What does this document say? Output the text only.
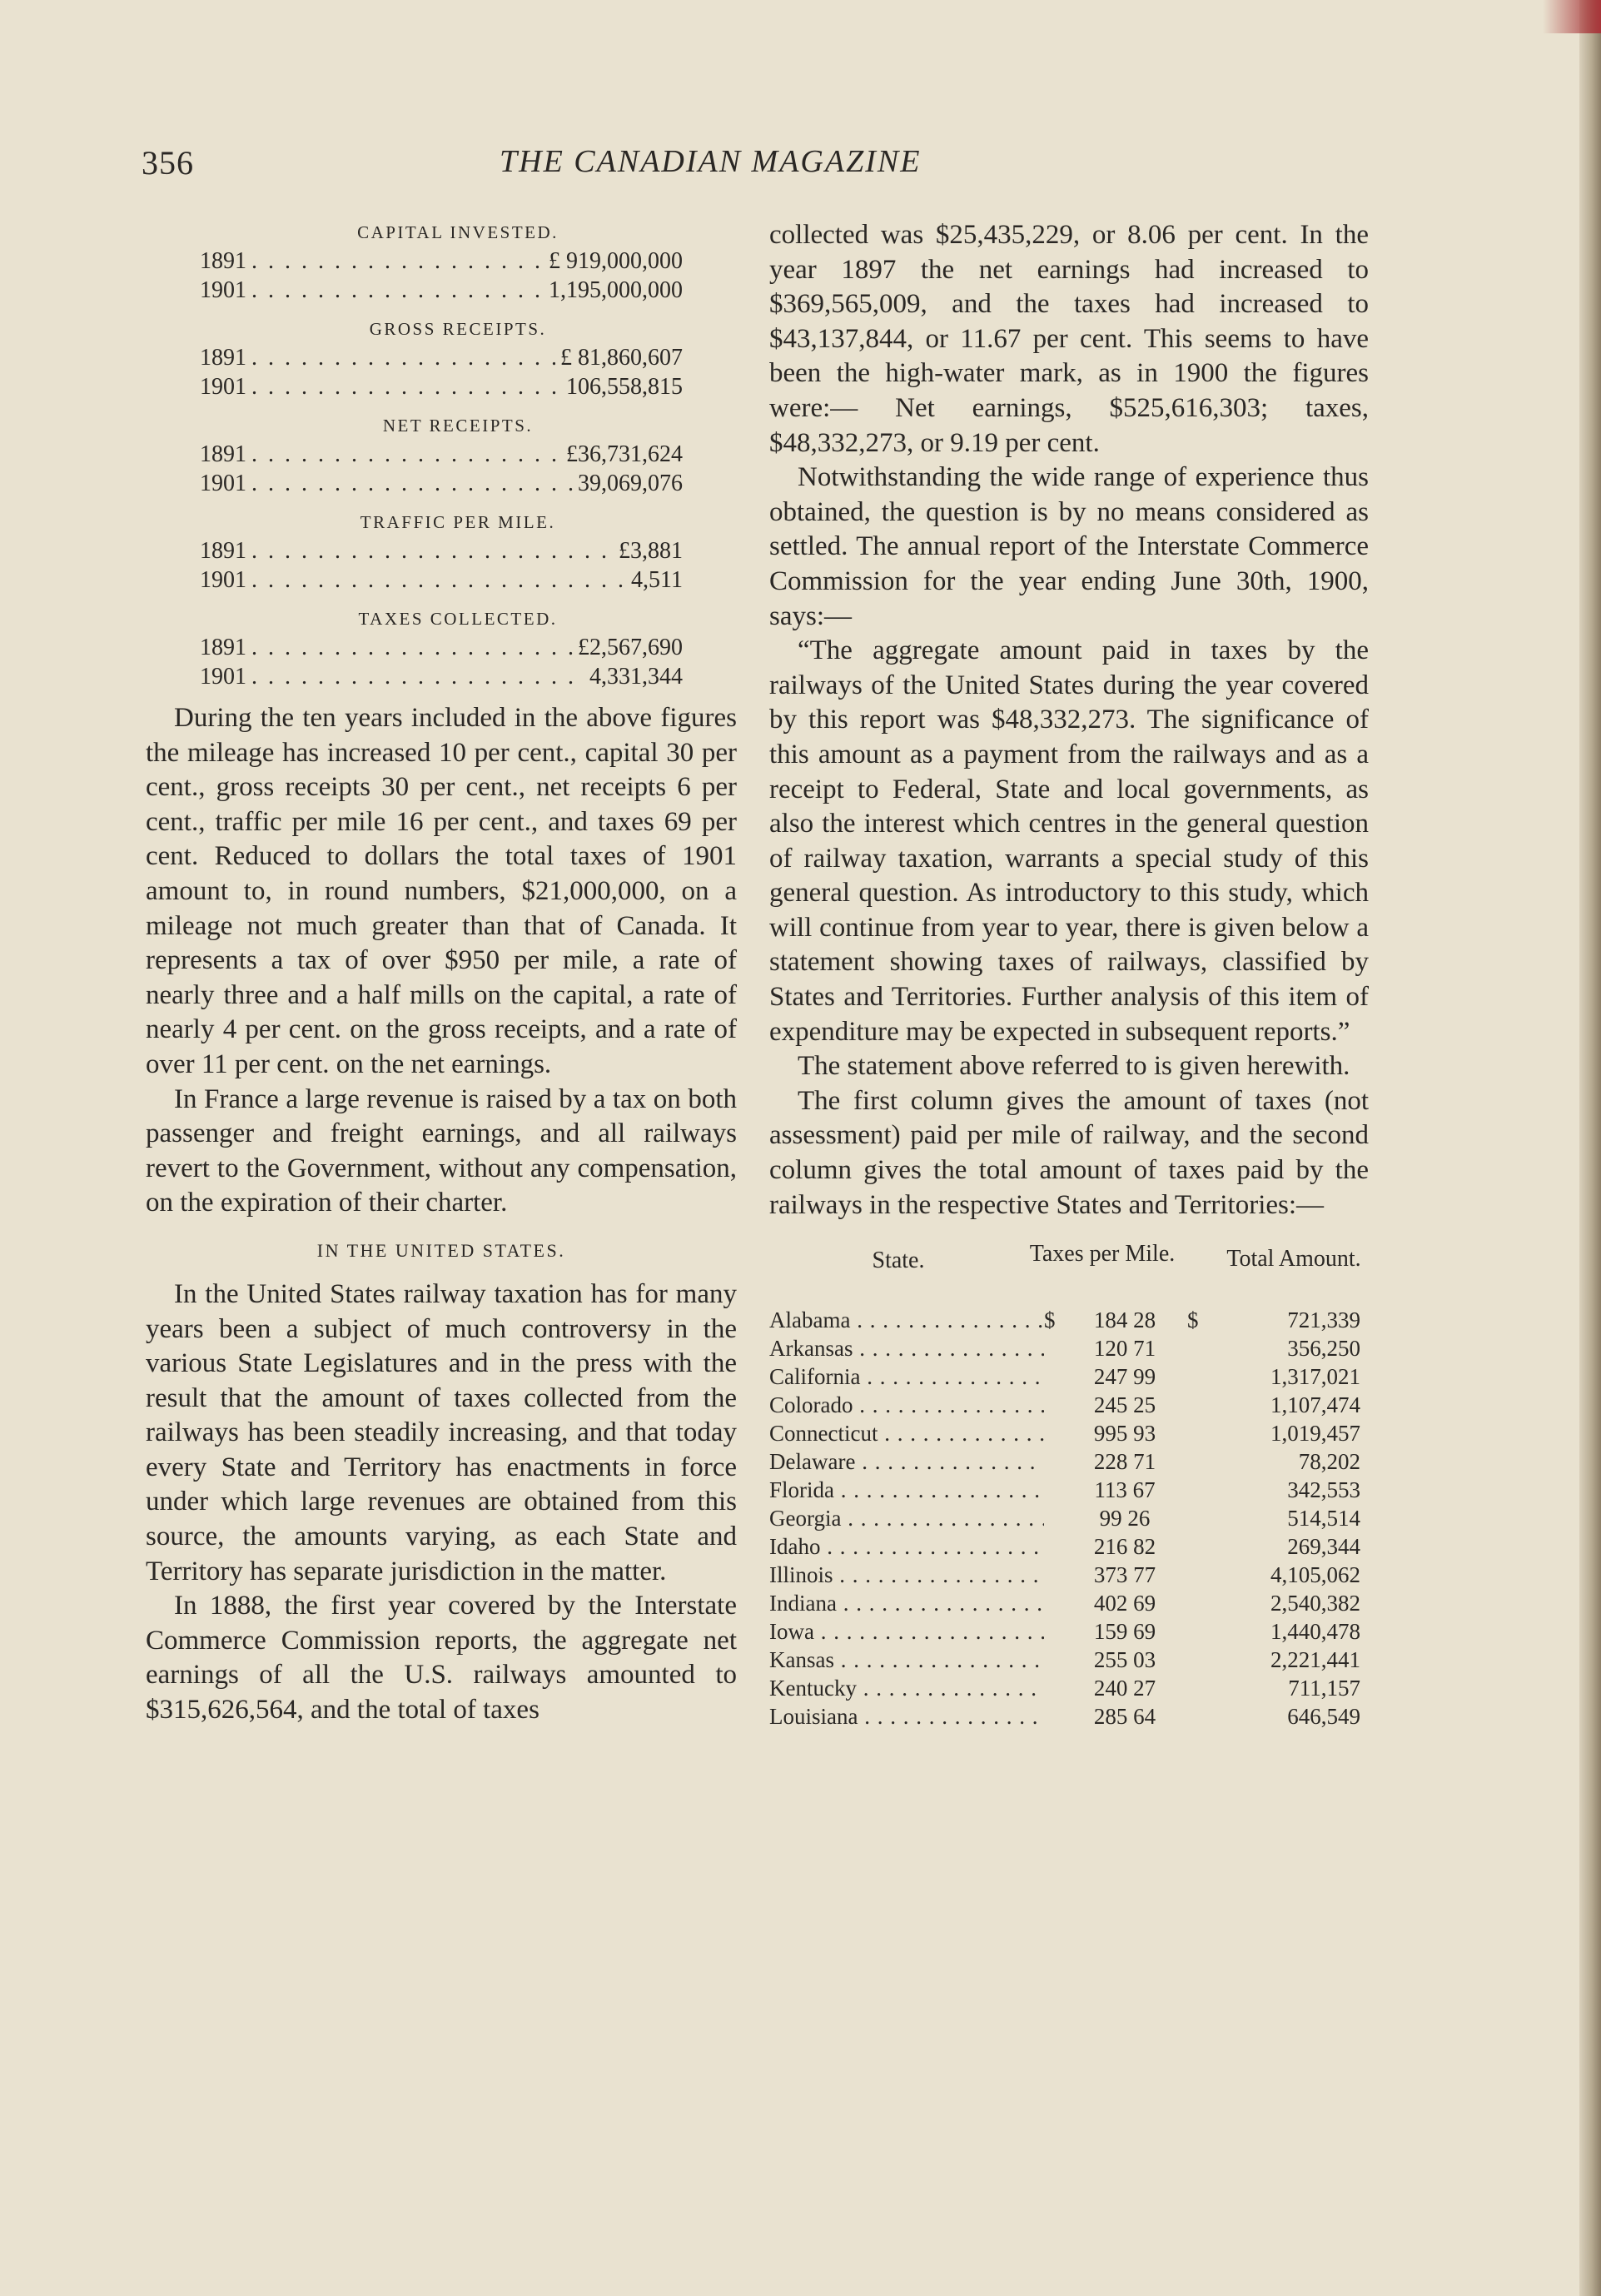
356	THE CANADIAN MAGAZINE
CAPITAL INVESTED.
1891 . . .	£ 919,000,000
1901 . . .	1,195,000,000
GROSS RECEIPTS.
1891 . . .	£ 81,860,607
1901 . . .	106,558,815
NET RECEIPTS.
1891 . . .	£36,731,624
1901 . . .	39,069,076
TRAFFIC PER MILE.
1891 . . .	£3,881
1901 . . .	4,511
TAXES COLLECTED.
1891 . . .	£2,567,690
1901 . . .	4,331,344

During the ten years included in the above figures the mileage has increased 10 per cent., capital 30 per cent., gross receipts 30 per cent., net receipts 6 per cent., traffic per mile 16 per cent., and taxes 69 per cent. Reduced to dollars the total taxes of 1901 amount to, in round numbers, $21,000,000, on a mileage not much greater than that of Canada. It represents a tax of over $950 per mile, a rate of nearly three and a half mills on the capital, a rate of nearly 4 per cent. on the gross receipts, and a rate of over 11 per cent. on the net earnings.

In France a large revenue is raised by a tax on both passenger and freight earnings, and all railways revert to the Government, without any compensation, on the expiration of their charter.

IN THE UNITED STATES.

In the United States railway taxation has for many years been a subject of much controversy in the various State Legislatures and in the press with the result that the amount of taxes collected from the railways has been steadily increasing, and that today every State and Territory has enactments in force under which large revenues are obtained from this source, the amounts varying, as each State and Territory has separate jurisdiction in the matter.

In 1888, the first year covered by the Interstate Commerce Commission reports, the aggregate net earnings of all the U.S. railways amounted to $315,626,564, and the total of taxes

collected was $25,435,229, or 8.06 per cent. In the year 1897 the net earnings had increased to $369,565,009, and the taxes had increased to $43,137,844, or 11.67 per cent. This seems to have been the high-water mark, as in 1900 the figures were:— Net earnings, $525,616,303; taxes, $48,332,273, or 9.19 per cent.

Notwithstanding the wide range of experience thus obtained, the question is by no means considered as settled. The annual report of the Interstate Commerce Commission for the year ending June 30th, 1900, says:—

“The aggregate amount paid in taxes by the railways of the United States during the year covered by this report was $48,332,273. The significance of this amount as a payment from the railways and as a receipt to Federal, State and local governments, as also the interest which centres in the general question of railway taxation, warrants a special study of this general question. As introductory to this study, which will continue from year to year, there is given below a statement showing taxes of railways, classified by States and Territories. Further analysis of this item of expenditure may be expected in subsequent reports.”

The statement above referred to is given herewith.

The first column gives the amount of taxes (not assessment) paid per mile of railway, and the second column gives the total amount of taxes paid by the railways in the respective States and Territories:—

State.	Taxes per Mile.	Total Amount.
Alabama . . .	$	184 28	$	721,339
Arkansas . . .	120 71	356,250
California . . .	247 99	1,317,021
Colorado . . .	245 25	1,107,474
Connecticut . . .	995 93	1,019,457
Delaware . . .	228 71	78,202
Florida . . .	113 67	342,553
Georgia . . .	99 26	514,514
Idaho . . .	216 82	269,344
Illinois . . .	373 77	4,105,062
Indiana . . .	402 69	2,540,382
Iowa . . .	159 69	1,440,478
Kansas . . .	255 03	2,221,441
Kentucky . . .	240 27	711,157
Louisiana . . .	285 64	646,549
